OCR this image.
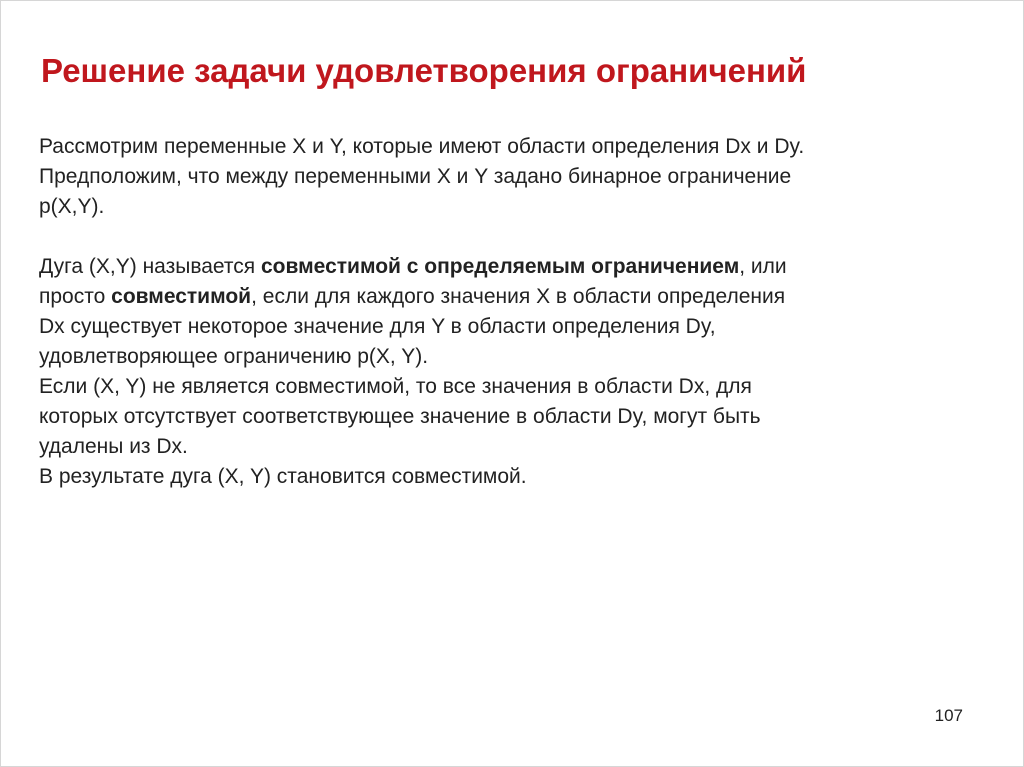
Решение задачи удовлетворения ограничений
Рассмотрим переменные X и Y, которые имеют области определения Dx и Dy.
Предположим, что между переменными X и Y задано бинарное ограничение
p(X,Y).
Дуга (X,Y) называется совместимой с определяемым ограничением, или
просто совместимой, если для каждого значения X в области определения
Dx существует некоторое значение для Y в области определения Dy,
удовлетворяющее ограничению p(X, Y).
Если (X, Y) не является совместимой, то все значения в области Dx, для
которых отсутствует соответствующее значение в области Dy, могут быть
удалены из Dx.
В результате дуга (X, Y) становится совместимой.
107
